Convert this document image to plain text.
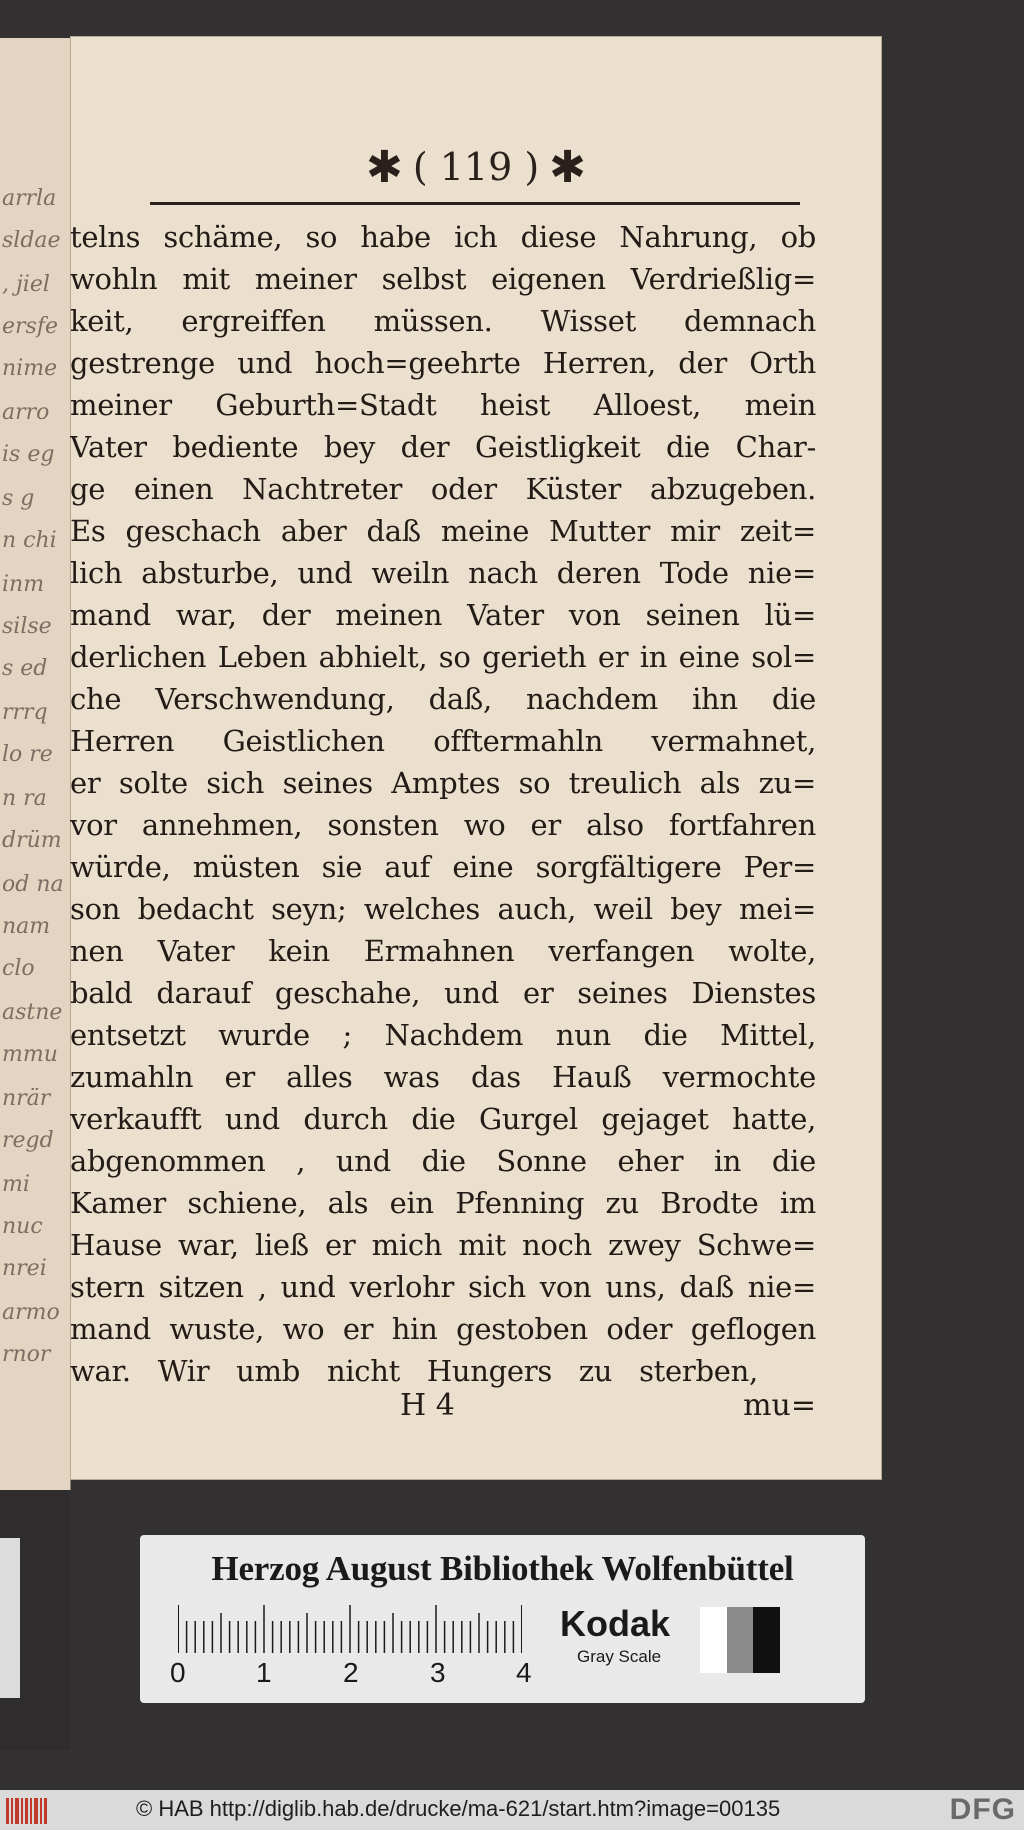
arrla
sldae
, jiel
ersfe
nime
arro
is eg
s g
n chi
inm
silse
s ed
rrrq
lo re
n ra
drüm
od na
nam
clo
astne
mmu
nrär
regd
mi
nuc
nrei
armo
rnor
✱ ( 119 ) ✱
telns schäme, so habe ich diese Nahrung, ob
wohln mit meiner selbst eigenen Verdrießlig=
keit, ergreiffen müssen. Wisset demnach
gestrenge und hoch=geehrte Herren, der Orth
meiner Geburth=Stadt heist Alloest, mein
Vater bediente bey der Geistligkeit die Char-
ge einen Nachtreter oder Küster abzugeben.
Es geschach aber daß meine Mutter mir zeit=
lich absturbe, und weiln nach deren Tode nie=
mand war, der meinen Vater von seinen lü=
derlichen Leben abhielt, so gerieth er in eine sol=
che Verschwendung, daß, nachdem ihn die
Herren Geistlichen offtermahln vermahnet,
er solte sich seines Amptes so treulich als zu=
vor annehmen, sonsten wo er also fortfahren
würde, müsten sie auf eine sorgfältigere Per=
son bedacht seyn; welches auch, weil bey mei=
nen Vater kein Ermahnen verfangen wolte,
bald darauf geschahe, und er seines Dienstes
entsetzt wurde ; Nachdem nun die Mittel,
zumahln er alles was das Hauß vermochte
verkaufft und durch die Gurgel gejaget hatte,
abgenommen , und die Sonne eher in die
Kamer schiene, als ein Pfenning zu Brodte im
Hause war, ließ er mich mit noch zwey Schwe=
stern sitzen , und verlohr sich von uns, daß nie=
mand wuste, wo er hin gestoben oder geflogen
war. Wir umb nicht Hungers zu sterben,
H 4	mu=
Herzog August Bibliothek Wolfenbüttel
0	1	2	3	4
Kodak
Gray Scale
© HAB http://diglib.hab.de/drucke/ma-621/start.htm?image=00135	DFG
